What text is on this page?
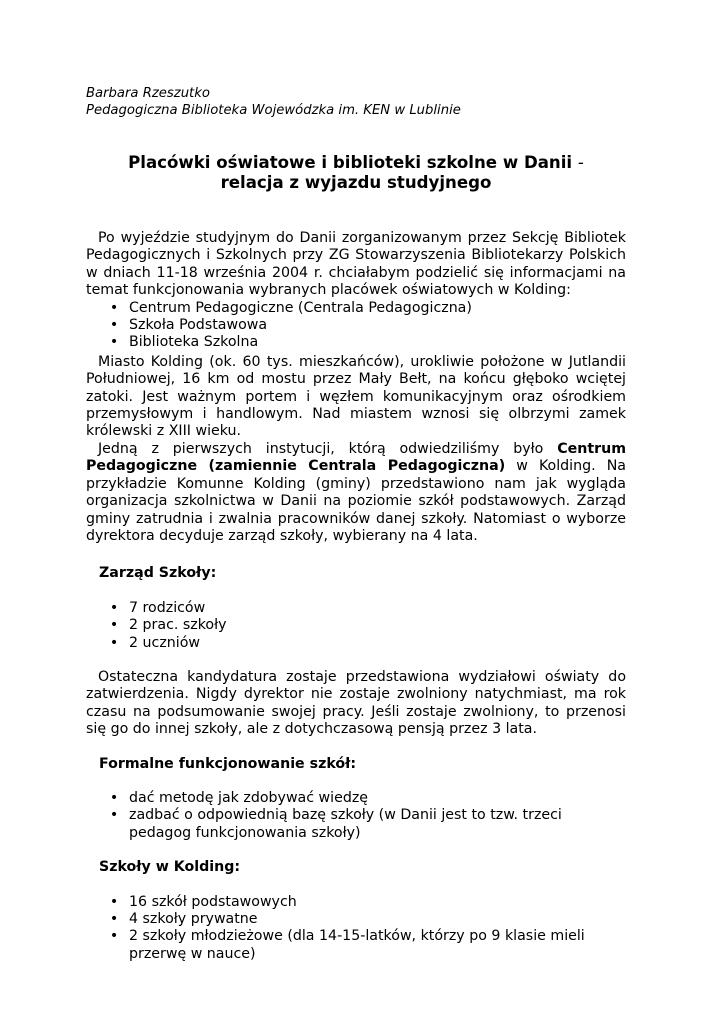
Barbara Rzeszutko

Pedagogiczna Biblioteka Wojewódzka im. KEN w Lublinie

Placówki oświatowe i biblioteki szkolne w Danii -
relacja z wyjazdu studyjnego

Po wyjeździe studyjnym do Danii zorganizowanym przez Sekcję Bibliotek Pedagogicznych i Szkolnych przy ZG Stowarzyszenia Bibliotekarzy Polskich w dniach 11-18 września 2004 r. chciałabym podzielić się informacjami na temat funkcjonowania wybranych placówek oświatowych w Kolding:

• Centrum Pedagogiczne (Centrala Pedagogiczna)
• Szkoła Podstawowa
• Biblioteka Szkolna

Miasto Kolding (ok. 60 tys. mieszkańców), urokliwie położone w Jutlandii Południowej, 16 km od mostu przez Mały Bełt, na końcu głęboko wciętej zatoki. Jest ważnym portem i węzłem komunikacyjnym oraz ośrodkiem przemysłowym i handlowym. Nad miastem wznosi się olbrzymi zamek królewski z XIII wieku.

Jedną z pierwszych instytucji, którą odwiedziliśmy było Centrum Pedagogiczne (zamiennie Centrala Pedagogiczna) w Kolding. Na przykładzie Komunne Kolding (gminy) przedstawiono nam jak wygląda organizacja szkolnictwa w Danii na poziomie szkół podstawowych. Zarząd gminy zatrudnia i zwalnia pracowników danej szkoły. Natomiast o wyborze dyrektora decyduje zarząd szkoły, wybierany na 4 lata.

Zarząd Szkoły:
• 7 rodziców
• 2 prac. szkoły
• 2 uczniów

Ostateczna kandydatura zostaje przedstawiona wydziałowi oświaty do zatwierdzenia. Nigdy dyrektor nie zostaje zwolniony natychmiast, ma rok czasu na podsumowanie swojej pracy. Jeśli zostaje zwolniony, to przenosi się go do innej szkoły, ale z dotychczasową pensją przez 3 lata.

Formalne funkcjonowanie szkół:
• dać metodę jak zdobywać wiedzę
• zadbać o odpowiednią bazę szkoły (w Danii jest to tzw. trzeci pedagog funkcjonowania szkoły)
Szkoły w Kolding:
• 16 szkół podstawowych
• 4 szkoły prywatne
• 2 szkoły młodzieżowe (dla 14-15-latków, którzy po 9 klasie mieli przerwę w nauce)
